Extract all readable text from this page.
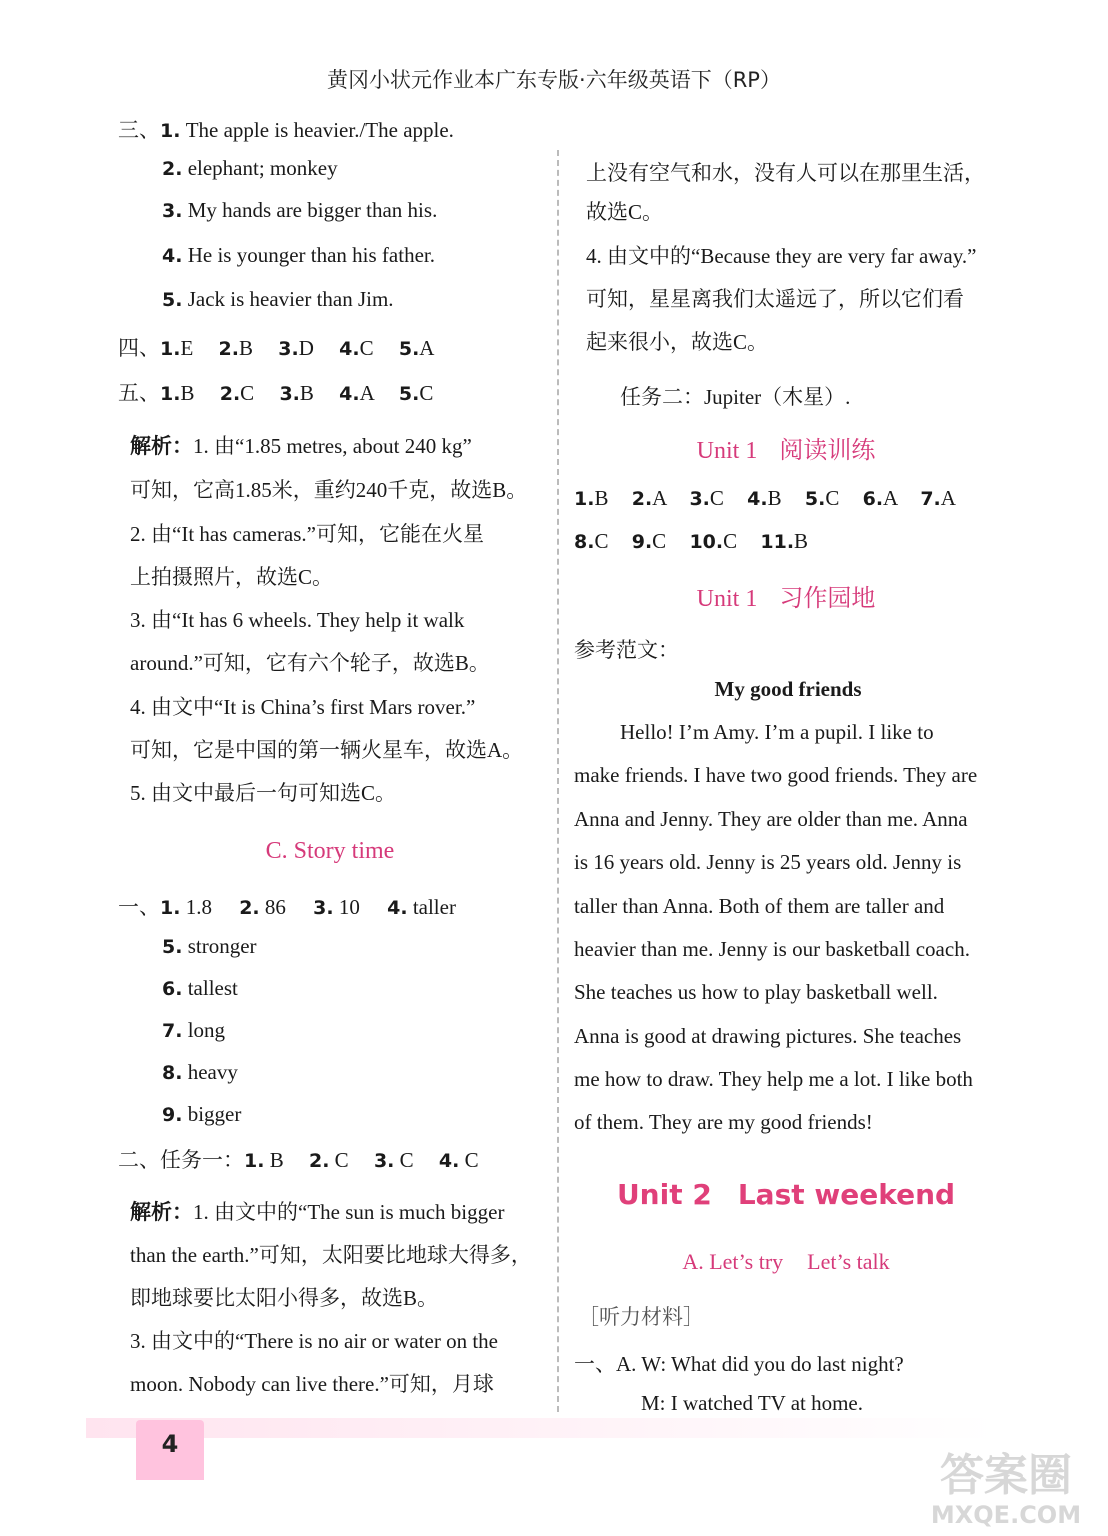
黄冈小状元作业本广东专版·六年级英语下（RP）
三、1. The apple is heavier./The apple.
2. elephant; monkey
3. My hands are bigger than his.
4. He is younger than his father.
5. Jack is heavier than Jim.
四、1.E 2.B 3.D 4.C 5.A
五、1.B 2.C 3.B 4.A 5.C
解析：1. 由“1.85 metres, about 240 kg”
可知，它高1.85米，重约240千克，故选B。
2. 由“It has cameras.”可知，它能在火星
上拍摄照片，故选C。
3. 由“It has 6 wheels. They help it walk
around.”可知，它有六个轮子，故选B。
4. 由文中“It is China’s first Mars rover.”
可知，它是中国的第一辆火星车，故选A。
5. 由文中最后一句可知选C。
C. Story time
一、1. 1.8 2. 86 3. 10 4. taller
5. stronger
6. tallest
7. long
8. heavy
9. bigger
二、任务一：1. B 2. C 3. C 4. C
解析：1. 由文中的“The sun is much bigger
than the earth.”可知，太阳要比地球大得多，
即地球要比太阳小得多，故选B。
3. 由文中的“There is no air or water on the
moon. Nobody can live there.”可知，月球
上没有空气和水，没有人可以在那里生活，
故选C。
4. 由文中的“Because they are very far away.”
可知，星星离我们太遥远了，所以它们看
起来很小，故选C。
任务二：Jupiter（木星）.
Unit 1 阅读训练
1.B 2.A 3.C 4.B 5.C 6.A 7.A
8.C 9.C 10.C 11.B
Unit 1 习作园地
参考范文：
My good friends
Hello! I’m Amy. I’m a pupil. I like to
make friends. I have two good friends. They are
Anna and Jenny. They are older than me. Anna
is 16 years old. Jenny is 25 years old. Jenny is
taller than Anna. Both of them are taller and
heavier than me. Jenny is our basketball coach.
She teaches us how to play basketball well.
Anna is good at drawing pictures. She teaches
me how to draw. They help me a lot. I like both
of them. They are my good friends!
Unit 2 Last weekend
A. Let’s try Let’s talk
［听力材料］
一、A. W: What did you do last night?
M: I watched TV at home.
4
答案圈
MXQE.COM
